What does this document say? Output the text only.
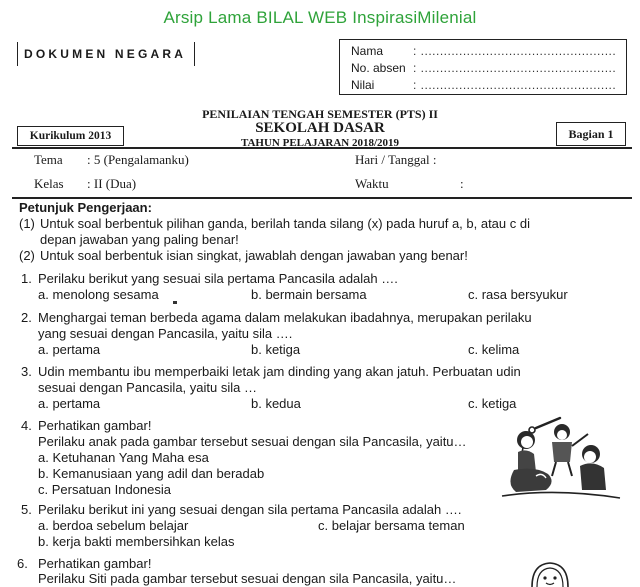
Arsip Lama BILAL WEB InspirasiMilenial
DOKUMEN NEGARA	Nama : ...................................................
No. absen : ...................................................
Nilai	: ...................................................
PENILAIAN TENGAH SEMESTER (PTS) II
SEKOLAH DASAR
TAHUN PELAJARAN 2018/2019
Kurikulum 2013	Bagian 1
Tema : 5 (Pengalamanku)
Kelas : II (Dua)
Hari / Tanggal :
Waktu	:
Petunjuk Pengerjaan:
(1) Untuk soal berbentuk pilihan ganda, berilah tanda silang (x) pada huruf a, b, atau c di
depan jawaban yang paling benar!
(2) Untuk soal berbentuk isian singkat, jawablah dengan jawaban yang benar!
1. Perilaku berikut yang sesuai sila pertama Pancasila adalah ….
a. menolong sesama	b. bermain bersama	c. rasa bersyukur
2. Menghargai teman berbeda agama dalam melakukan ibadahnya, merupakan perilaku
yang sesuai dengan Pancasila, yaitu sila ….
a. pertama	b. ketiga	c. kelima
3. Udin membantu ibu memperbaiki letak jam dinding yang akan jatuh. Perbuatan udin
sesuai dengan Pancasila, yaitu sila …
a. pertama	b. kedua	c. ketiga
4. Perhatikan gambar!
Perilaku anak pada gambar tersebut sesuai dengan sila Pancasila, yaitu…
a. Ketuhanan Yang Maha esa
b. Kemanusiaan yang adil dan beradab
c. Persatuan Indonesia
5. Perilaku berikut ini yang sesuai dengan sila pertama Pancasila adalah ….
a. berdoa sebelum belajar	c. belajar bersama teman
b. kerja bakti membersihkan kelas
6. Perhatikan gambar!
Perilaku Siti pada gambar tersebut sesuai dengan sila Pancasila, yaitu…
